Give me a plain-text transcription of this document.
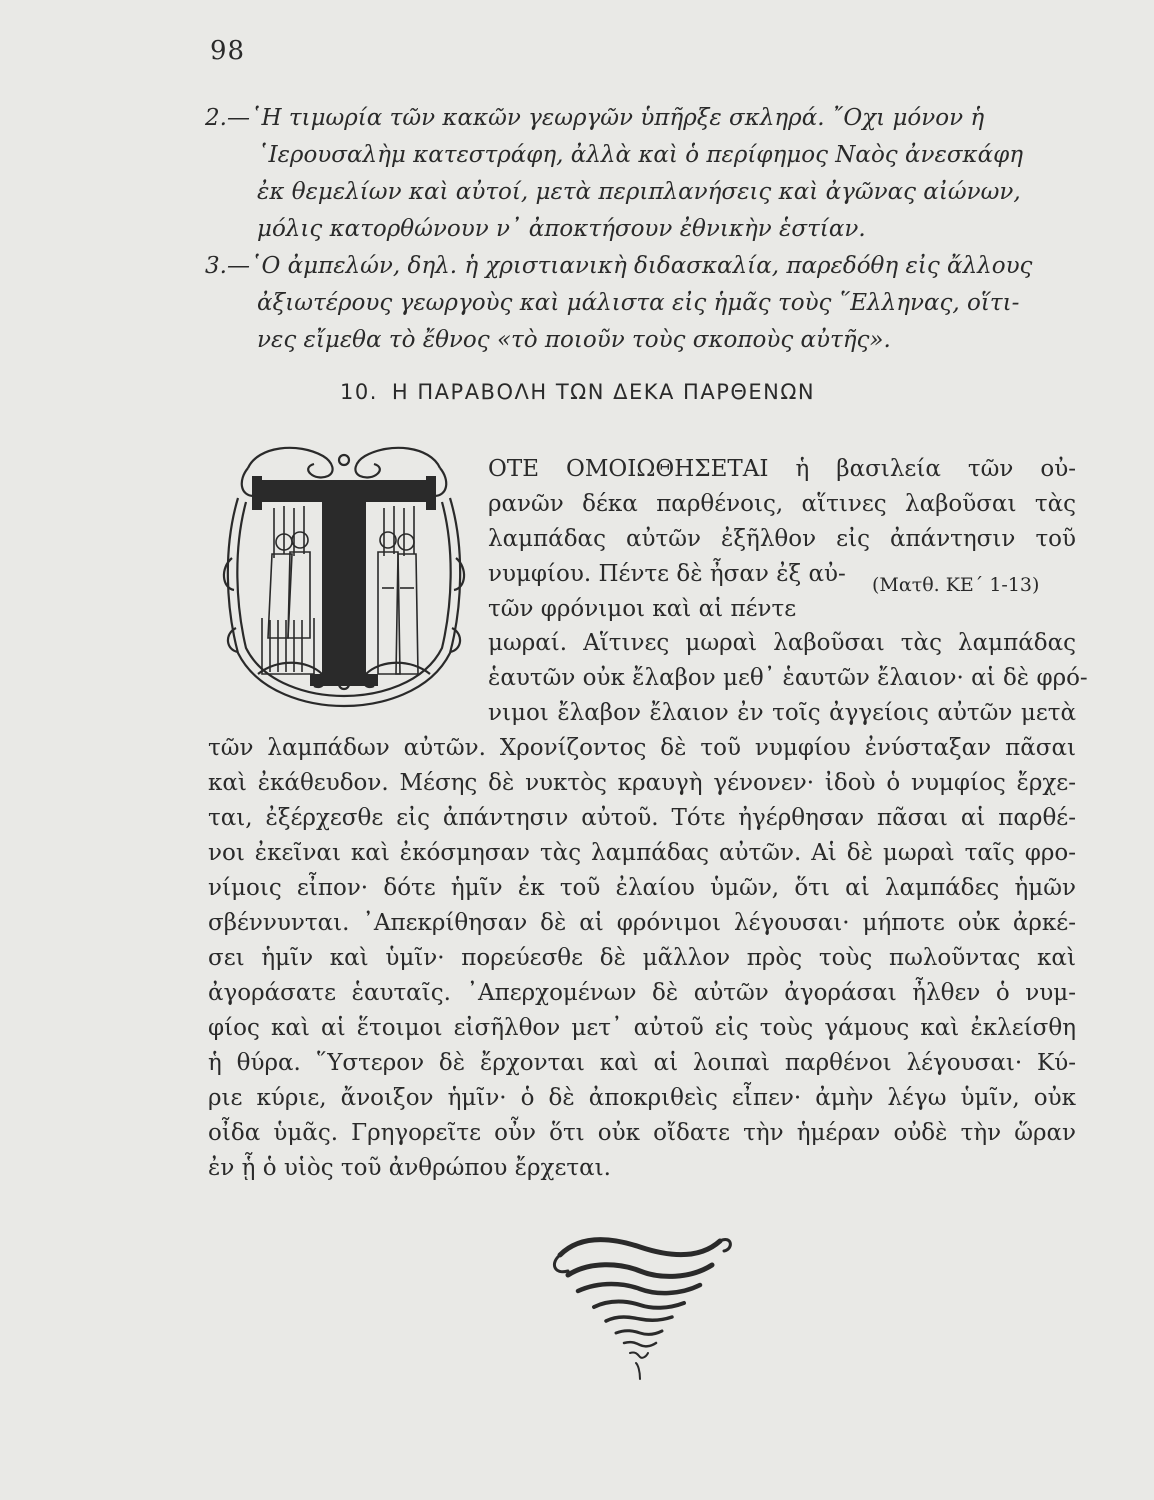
98
2.—῾Η τιμωρία τῶν κακῶν γεωργῶν ὑπῆρξε σκληρά. ῎Οχι μόνον ἡ
῾Ιερουσαλὴμ κατεστράφη, ἀλλὰ καὶ ὁ περίφημος Ναὸς ἀνεσκάφη
ἐκ θεμελίων καὶ αὐτοί, μετὰ περιπλανήσεις καὶ ἀγῶνας αἰώνων,
μόλις κατορθώνουν ν᾽ ἀποκτήσουν ἐθνικὴν ἑστίαν.
3.—῾Ο ἀμπελών, δηλ. ἡ χριστιανικὴ διδασκαλία, παρεδόθη εἰς ἄλλους
ἀξιωτέρους γεωργοὺς καὶ μάλιστα εἰς ἡμᾶς τοὺς ῞Ελληνας, οἵτι-
νες εἴμεθα τὸ ἔθνος «τὸ ποιοῦν τοὺς σκοποὺς αὐτῆς».
10. Η ΠΑΡΑΒΟΛΗ ΤΩΝ ΔΕΚΑ ΠΑΡΘΕΝΩΝ

ΟΤΕ ΟΜΟΙΩΘΗΣΕΤΑΙ ἡ βασιλεία τῶν οὐ-

ρανῶν δέκα παρθένοις, αἵτινες λαβοῦσαι τὰς

λαμπάδας αὐτῶν ἐξῆλθον εἰς ἀπάντησιν τοῦ

νυμφίου. Πέντε δὲ ἦσαν ἐξ αὐ-

τῶν φρόνιμοι καὶ αἱ πέντε

μωραί. Αἵτινες μωραὶ λαβοῦσαι τὰς λαμπάδας

ἑαυτῶν οὐκ ἔλαβον μεθ᾽ ἑαυτῶν ἔλαιον· αἱ δὲ φρό-

νιμοι ἔλαβον ἔλαιον ἐν τοῖς ἀγγείοις αὐτῶν μετὰ

τῶν λαμπάδων αὐτῶν. Χρονίζοντος δὲ τοῦ νυμφίου ἐνύσταξαν πᾶσαι

καὶ ἐκάθευδον. Μέσης δὲ νυκτὸς κραυγὴ γένονεν· ἰδοὺ ὁ νυμφίος ἔρχε-

ται, ἐξέρχεσθε εἰς ἀπάντησιν αὐτοῦ. Τότε ἠγέρθησαν πᾶσαι αἱ παρθέ-

νοι ἐκεῖναι καὶ ἐκόσμησαν τὰς λαμπάδας αὐτῶν. Αἱ δὲ μωραὶ ταῖς φρο-

νίμοις εἶπον· δότε ἡμῖν ἐκ τοῦ ἐλαίου ὑμῶν, ὅτι αἱ λαμπάδες ἡμῶν

σβέννυνται. ᾿Απεκρίθησαν δὲ αἱ φρόνιμοι λέγουσαι· μήποτε οὐκ ἀρκέ-

σει ἡμῖν καὶ ὑμῖν· πορεύεσθε δὲ μᾶλλον πρὸς τοὺς πωλοῦντας καὶ

ἀγοράσατε ἑαυταῖς. ᾿Απερχομένων δὲ αὐτῶν ἀγοράσαι ἦλθεν ὁ νυμ-

φίος καὶ αἱ ἕτοιμοι εἰσῆλθον μετ᾽ αὐτοῦ εἰς τοὺς γάμους καὶ ἐκλείσθη

ἡ θύρα. ῞Υστερον δὲ ἔρχονται καὶ αἱ λοιπαὶ παρθένοι λέγουσαι· Κύ-

ριε κύριε, ἄνοιξον ἡμῖν· ὁ δὲ ἀποκριθεὶς εἶπεν· ἀμὴν λέγω ὑμῖν, οὐκ

οἶδα ὑμᾶς. Γρηγορεῖτε οὖν ὅτι οὐκ οἴδατε τὴν ἡμέραν οὐδὲ τὴν ὥραν

ἐν ᾗ ὁ υἱὸς τοῦ ἀνθρώπου ἔρχεται.

(Ματθ. ΚΕ΄ 1-13)
